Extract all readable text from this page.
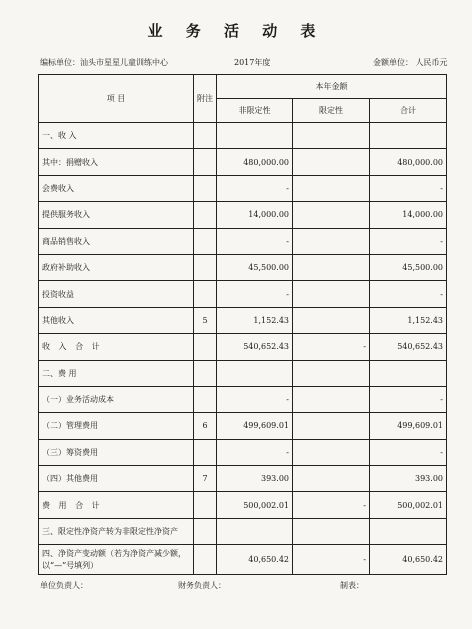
业 务 活 动 表
编标单位：汕头市星星儿童训练中心	2017年度	金额单位： 人民币元
项 目	附注	本年金额		
		非限定性	限定性	合计
一、收 入				
其中：捐赠收入		480,000.00		480,000.00
会费收入		-		-
提供服务收入		14,000.00		14,000.00
商品销售收入		-		-
政府补助收入		45,500.00		45,500.00
投资收益		-		-
其他收入	5	1,152.43		1,152.43
收 入 合 计		540,652.43	-	540,652.43
二、费 用				
（一）业务活动成本		-		-
（二）管理费用	6	499,609.01		499,609.01
（三）筹资费用		-		-
（四）其他费用	7	393.00		393.00
费 用 合 计		500,002.01	-	500,002.01
三、限定性净资产转为非限定性净资产				
四、净资产变动额（若为净资产减少额，以“—”号填列）		40,650.42	-	40,650.42
单位负责人：	财务负责人：	制表：
